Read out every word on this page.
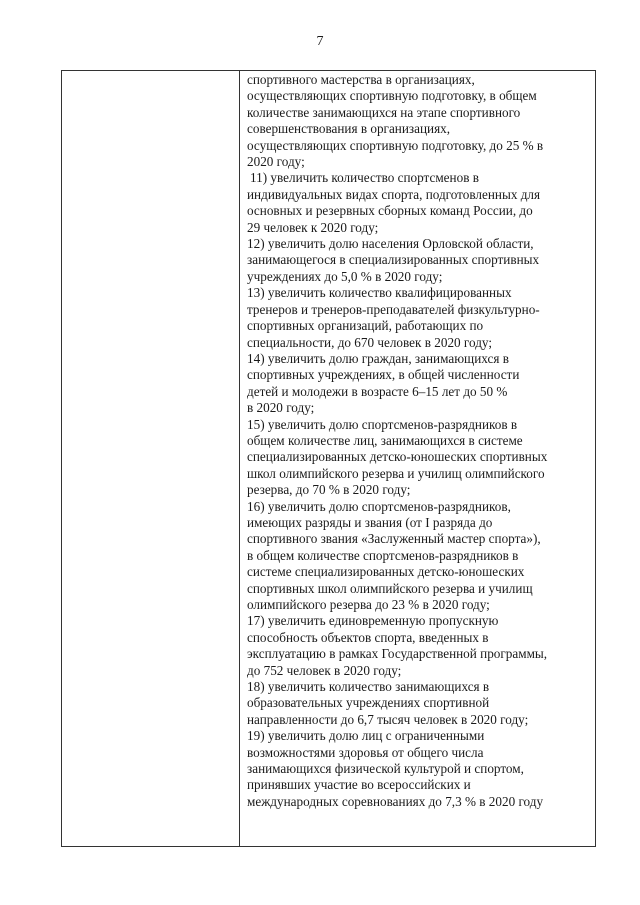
7
спортивного мастерства в организациях,
осуществляющих спортивную подготовку, в общем
количестве занимающихся на этапе спортивного
совершенствования в организациях,
осуществляющих спортивную подготовку, до 25 % в
2020 году;
11) увеличить количество спортсменов в
индивидуальных видах спорта, подготовленных для
основных и резервных сборных команд России, до
29 человек к 2020 году;
12) увеличить долю населения Орловской области,
занимающегося в специализированных спортивных
учреждениях до 5,0 % в 2020 году;
13) увеличить количество квалифицированных
тренеров и тренеров-преподавателей физкультурно-
спортивных организаций, работающих по
специальности, до 670 человек в 2020 году;
14) увеличить долю граждан, занимающихся в
спортивных учреждениях, в общей численности
детей и молодежи в возрасте 6–15 лет до 50 %
в 2020 году;
15) увеличить долю спортсменов-разрядников в
общем количестве лиц, занимающихся в системе
специализированных детско-юношеских спортивных
школ олимпийского резерва и училищ олимпийского
резерва, до 70 % в 2020 году;
16) увеличить долю спортсменов-разрядников,
имеющих разряды и звания (от I разряда до
спортивного звания «Заслуженный мастер спорта»),
в общем количестве спортсменов-разрядников в
системе специализированных детско-юношеских
спортивных школ олимпийского резерва и училищ
олимпийского резерва до 23 % в 2020 году;
17) увеличить единовременную пропускную
способность объектов спорта, введенных в
эксплуатацию в рамках Государственной программы,
до 752 человек в 2020 году;
18) увеличить количество занимающихся в
образовательных учреждениях спортивной
направленности до 6,7 тысяч человек в 2020 году;
19) увеличить долю лиц с ограниченными
возможностями здоровья от общего числа
занимающихся физической культурой и спортом,
принявших участие во всероссийских и
международных соревнованиях до 7,3 % в 2020 году
